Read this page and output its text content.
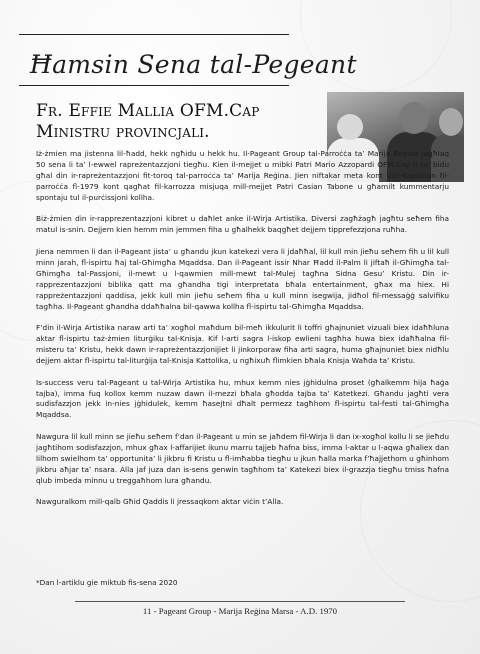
Ħamsin Sena tal-Pegeant
Fr. Effie Mallia OFM.Cap
Ministru provincjali.

Iż-żmien ma jistenna lil-ħadd, hekk ngħidu u hekk hu. Il-Pageant Group tal-Parroċċa ta’ Marija Reġina jagħlaq 50 sena li ta’ l-ewwel rapreżentazzjoni tiegħu. Kien il-mejjet u mibki Patri Mario Azzopardi OFM.Cap li ta’ bidu għal din ir-rapreżentazzjoni fit-toroq tal-parroċċa ta’ Marija Reġina. Jien niftakar meta kont Viċi-Kappillan fil-parroċċa fl-1979 kont qagħat fil-karrozza misjuqa mill-mejjet Patri Casian Tabone u għamilt kummentarju spontaju tul il-purċissjoni kollha.

Biż-żmien din ir-rapprezentazzjoni kibret u daħlet anke il-Wirja Artistika. Diversi zagħżagħ jagħtu seħem fiha matul is-snin. Dejjem kien hemm min jemmen fiha u għalhekk baqgħet dejjem tipprefezzjona ruħha.

Jiena nemmen li dan il-Pageant jista’ u għandu jkun katekezi vera li jdaħħal, lil kull min jieħu seħem fih u lil kull minn jarah, fl-ispirtu ħaj tal-Għimgħa Mqaddsa. Dan il-Pageant issir Nhar Ħadd il-Palm li jiftaħ il-Għimgħa tal-Għimgħa tal-Passjoni, il-mewt u l-qawmien mill-mewt tal-Mulej tagħna Sidna Gesu’ Kristu. Din ir-rapprezentazzjoni biblika qatt ma għandha tigi interpretata bħala entertainment, għax ma hiex. Hi rappreżentazzjoni qaddisa, jekk kull min jieħu seħem fiha u kull minn isegwija, jidħol fil-messaġġ salvifiku tagħha. Il-Pageant għandha ddaħħalna bil-qawwa kollha fl-ispirtu tal-Għimgħa Mqaddsa.

F’din il-Wirja Artistika naraw arti ta’ xogħol maħdum bil-meħ ikkulurit li toffri għajnuniet vizuali biex idaħħluna aktar fl-ispirtu taż-żmien liturġiku tal-Knisja. Kif l-arti sagra l-iskop ewlieni tagħha huwa biex idaħħalna fil-misteru ta’ Kristu, hekk dawn ir-rapreżentazzjonijiet li jinkorporaw fiha arti sagra, huma għajnuniet biex nidħlu dejjem aktar fl-ispirtu tal-liturġija tal-Knisja Kattolika, u ngħixuħ flimkien bħala Knisja Waħda ta’ Kristu.

Is-success veru tal-Pageant u tal-Wirja Artistika hu, mhux kemm nies jġhidulna proset (għalkemm hija ħaġa tajba), imma fuq kollox kemm nuzaw dawn il-mezzi bħala għodda tajba ta’ Katetkezi. Għandu jagħti vera sudisfazzjon jekk in-nies jġhidulek, kemm ħasejtni dħalt permezz tagħhom fl-ispirtu tal-festi tal-Għimgħa Mqaddsa.

Nawgura lil kull minn se jieħu seħem f’dan il-Pageant u min se jaħdem fil-Wirja li dan ix-xogħol kollu li se jieħdu jagħtihom sodisfazzjon, mhux għax l-affarijiet ikunu marru tajjeb ħafna biss, imma l-aktar u l-aqwa għaliex dan lilhom swielhom ta’ opportunita’ li jikbru fi Kristu u fl-imħabba tiegħu u jkun ħalla marka f’ħajjethom u għinhom jikbru aħjar ta’ nsara. Alla jaf juza dan is-sens genwin tagħhom ta’ Katekezi biex il-grazzja tiegħu tmiss ħafna qlub imbeda minnu u treggaħhom lura għandu.

Nawguralkom mill-qalb Għid Qaddis li jressaqkom aktar viċin t’Alla.

*Dan l-artiklu gie miktub fis-sena 2020
11 - Pageant Group - Marija Reġina Marsa - A.D. 1970
